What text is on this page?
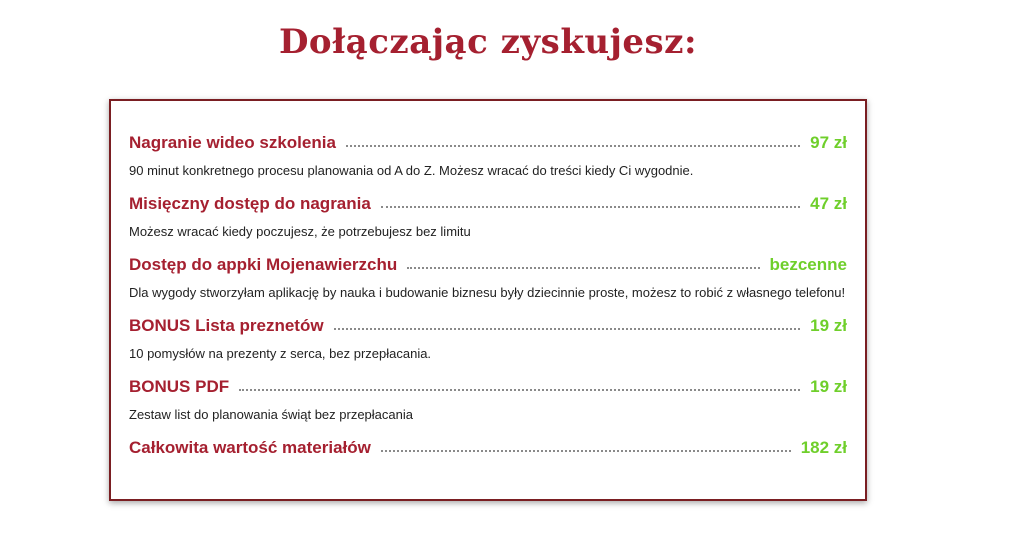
Dołączając zyskujesz:
Nagranie wideo szkolenia	97 zł
90 minut konkretnego procesu planowania od A do Z. Możesz wracać do treści kiedy Ci wygodnie.
Misięczny dostęp do nagrania	47 zł
Możesz wracać kiedy poczujesz, że potrzebujesz bez limitu
Dostęp do appki Mojenawierzchu	bezcenne
Dla wygody stworzyłam aplikację by nauka i budowanie biznesu były dziecinnie proste, możesz to robić z własnego telefonu!
BONUS Lista preznetów	19 zł
10 pomysłów na prezenty z serca, bez przepłacania.
BONUS PDF	19 zł
Zestaw list do planowania świąt bez przepłacania
Całkowita wartość materiałów	182 zł
